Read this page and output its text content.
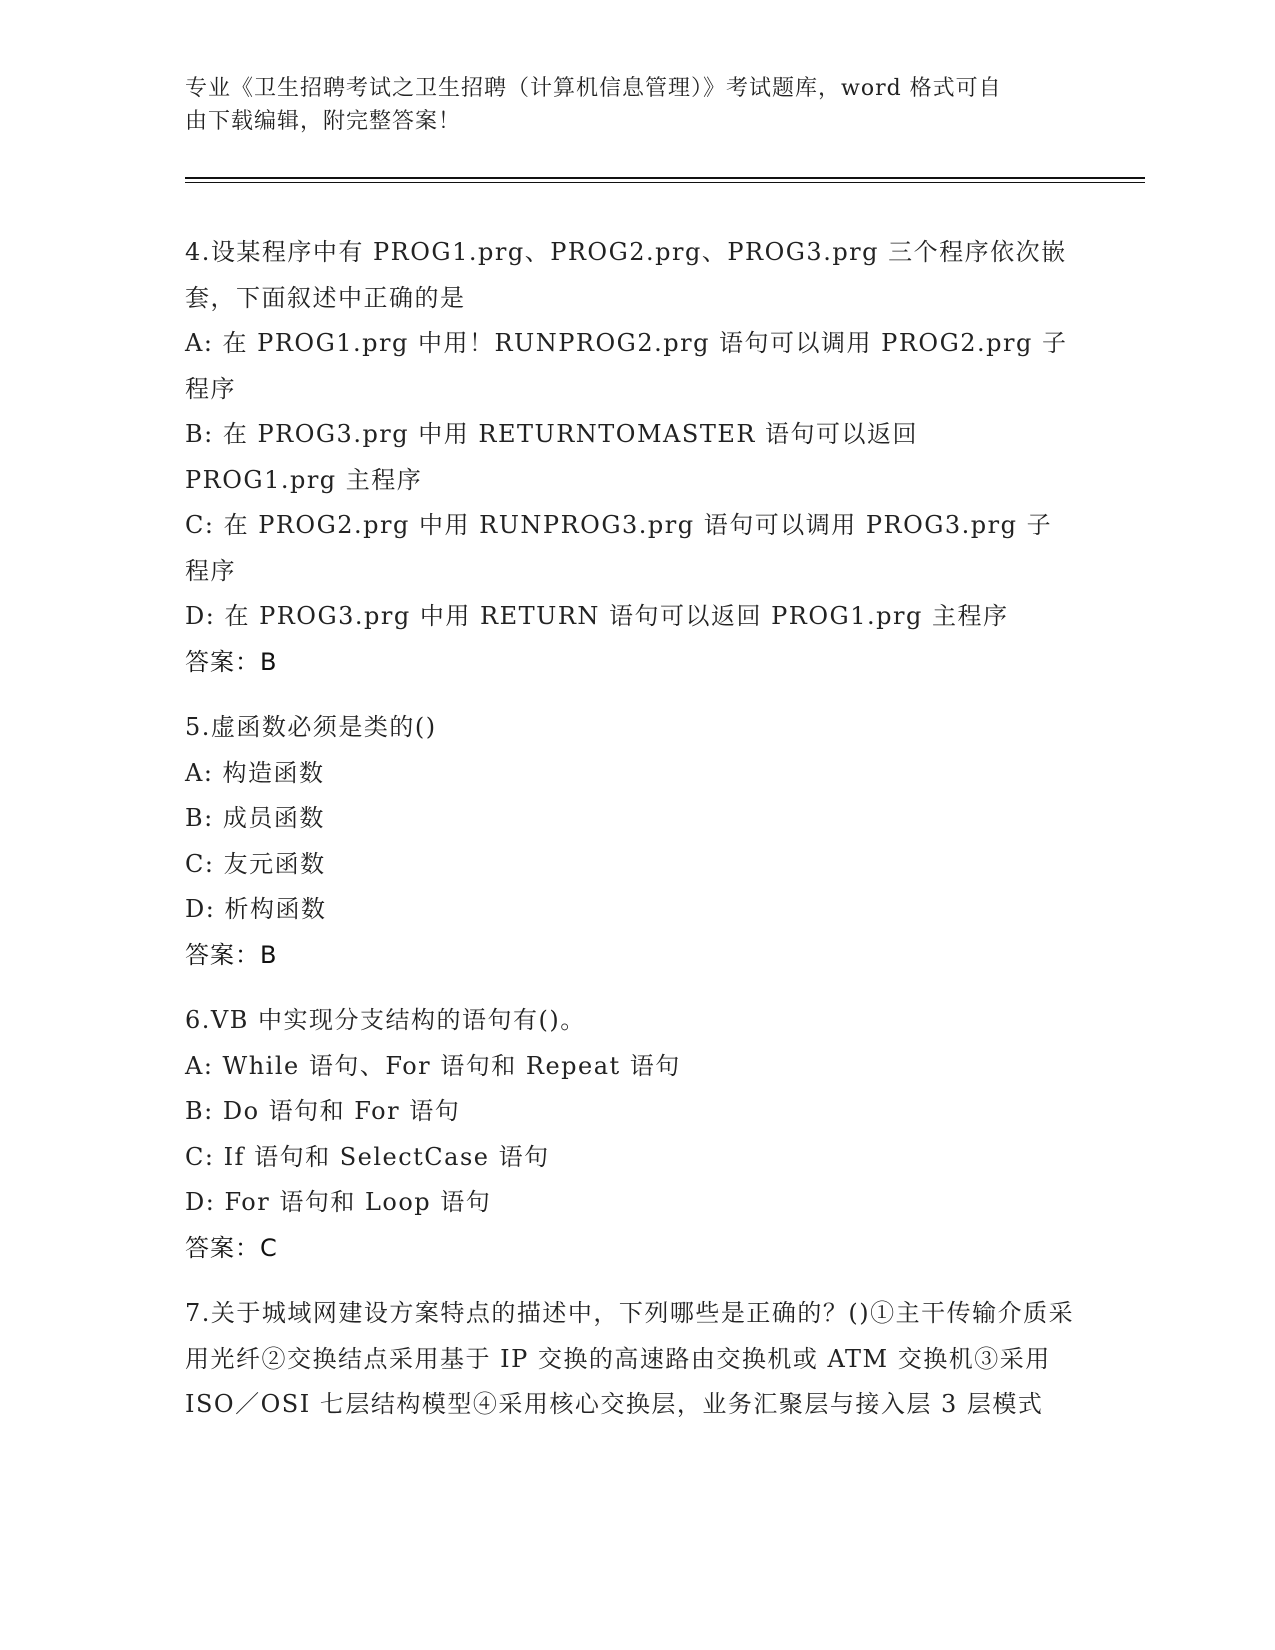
专业《卫生招聘考试之卫生招聘（计算机信息管理）》考试题库，word 格式可自
由下载编辑，附完整答案！
4.设某程序中有 PROG1.prg、PROG2.prg、PROG3.prg 三个程序依次嵌套，下面叙述中正确的是
A: 在 PROG1.prg 中用！RUNPROG2.prg 语句可以调用 PROG2.prg 子程序
B: 在 PROG3.prg 中用 RETURNTOMASTER 语句可以返回 PROG1.prg 主程序
C: 在 PROG2.prg 中用 RUNPROG3.prg 语句可以调用 PROG3.prg 子程序
D: 在 PROG3.prg 中用 RETURN 语句可以返回 PROG1.prg 主程序
答案：B
5.虚函数必须是类的()
A: 构造函数
B: 成员函数
C: 友元函数
D: 析构函数
答案：B
6.VB 中实现分支结构的语句有()。
A: While 语句、For 语句和 Repeat 语句
B: Do 语句和 For 语句
C: If 语句和 SelectCase 语句
D: For 语句和 Loop 语句
答案：C
7.关于城域网建设方案特点的描述中，下列哪些是正确的？()①主干传输介质采用光纤②交换结点采用基于 IP 交换的高速路由交换机或 ATM 交换机③采用 ISO／OSI 七层结构模型④采用核心交换层，业务汇聚层与接入层 3 层模式
